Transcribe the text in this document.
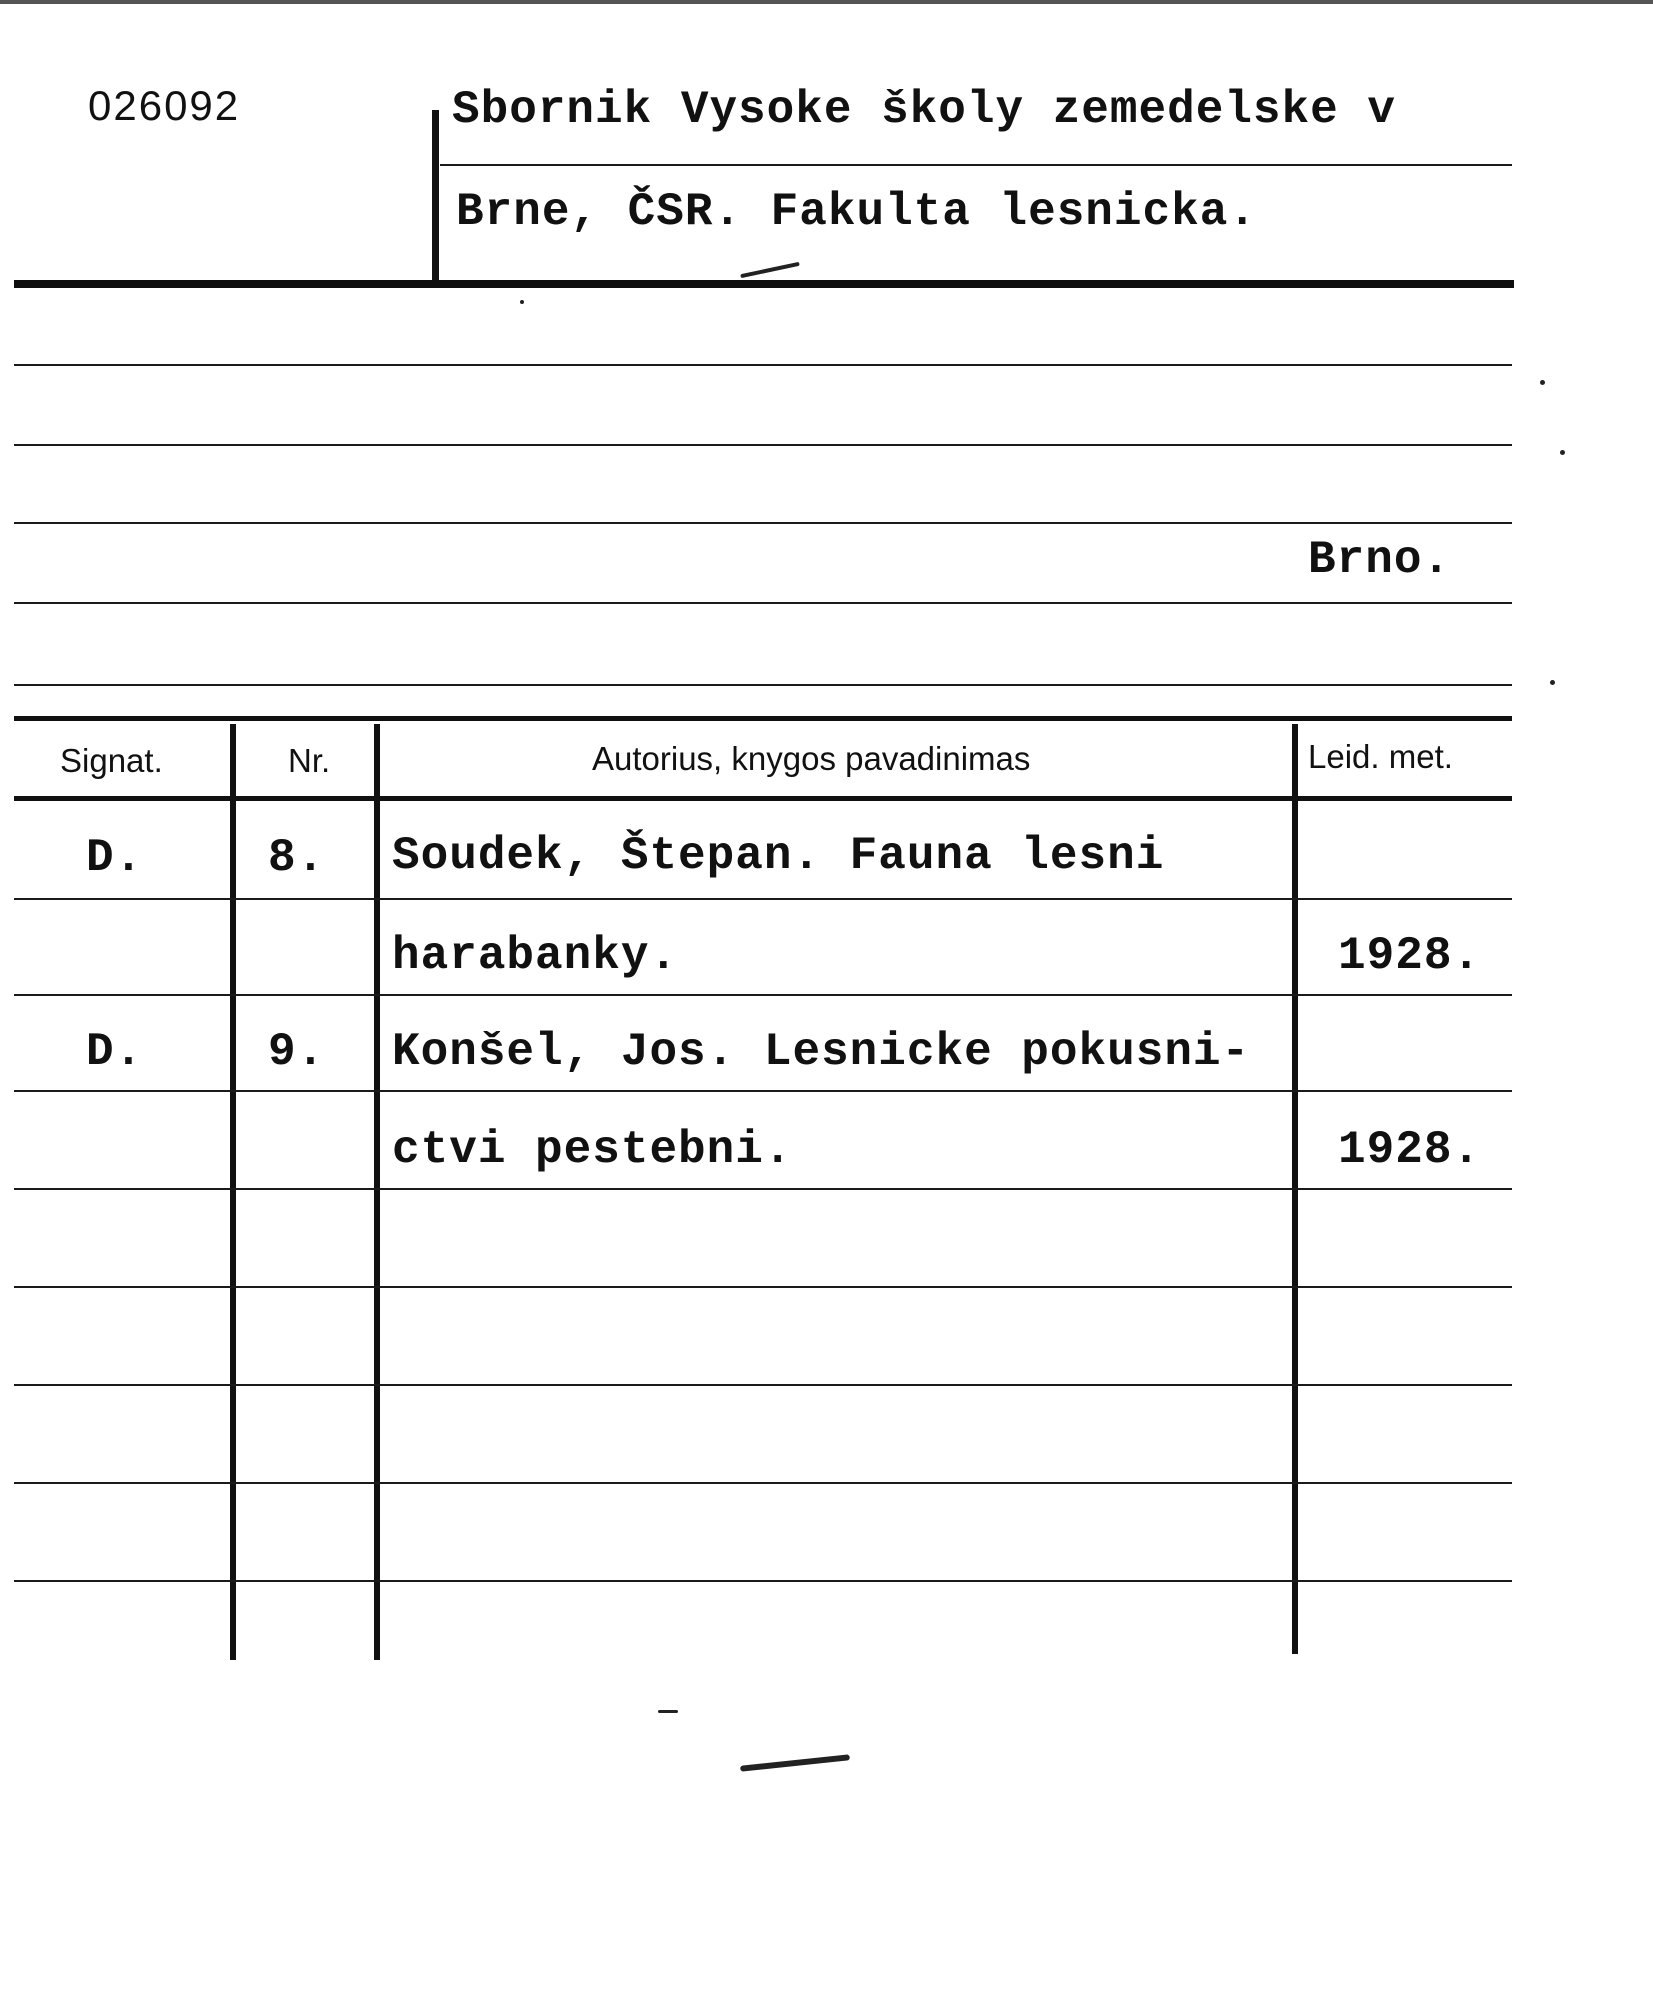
026092	Sbornik Vysoke školy zemedelske v
Brne, ČSR. Fakulta lesnicka.
Brno.
Signat.	Nr.	Autorius, knygos pavadinimas	Leid. met.
D.	8. Soudek, Štepan. Fauna lesni
harabanky.	1928.
D.	9. Konšel, Jos. Lesnicke pokusni-
ctvi pestebni.	1928.
